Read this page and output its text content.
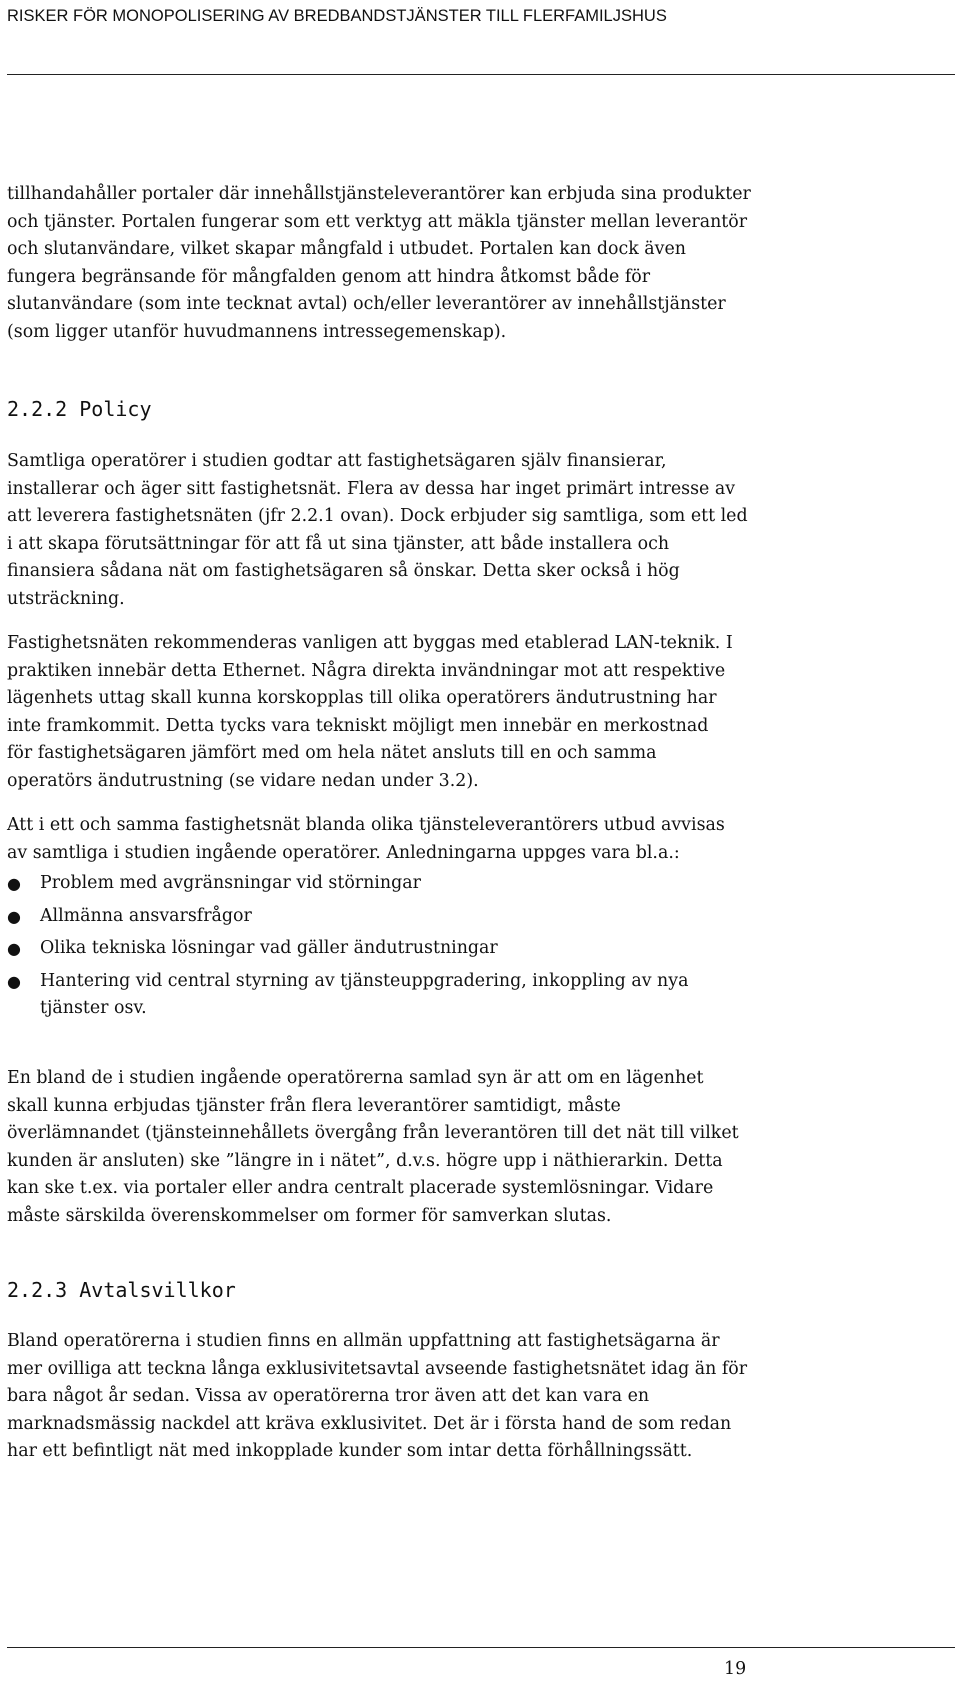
RISKER FÖR MONOPOLISERING AV BREDBANDSTJÄNSTER TILL FLERFAMILJSHUS
tillhandahåller portaler där innehållstjänsteleverantörer kan erbjuda sina produkter
och tjänster. Portalen fungerar som ett verktyg att mäkla tjänster mellan leverantör
och slutanvändare, vilket skapar mångfald i utbudet. Portalen kan dock även
fungera begränsande för mångfalden genom att hindra åtkomst både för
slutanvändare (som inte tecknat avtal) och/eller leverantörer av innehållstjänster
(som ligger utanför huvudmannens intressegemenskap).
2.2.2 Policy
Samtliga operatörer i studien godtar att fastighetsägaren själv finansierar,
installerar och äger sitt fastighetsnät. Flera av dessa har inget primärt intresse av
att leverera fastighetsnäten (jfr 2.2.1 ovan). Dock erbjuder sig samtliga, som ett led
i att skapa förutsättningar för att få ut sina tjänster, att både installera och
finansiera sådana nät om fastighetsägaren så önskar. Detta sker också i hög
utsträckning.
Fastighetsnäten rekommenderas vanligen att byggas med etablerad LAN-teknik. I
praktiken innebär detta Ethernet. Några direkta invändningar mot att respektive
lägenhets uttag skall kunna korskopplas till olika operatörers ändutrustning har
inte framkommit. Detta tycks vara tekniskt möjligt men innebär en merkostnad
för fastighetsägaren jämfört med om hela nätet ansluts till en och samma
operatörs ändutrustning (se vidare nedan under 3.2).
Att i ett och samma fastighetsnät blanda olika tjänsteleverantörers utbud avvisas
av samtliga i studien ingående operatörer. Anledningarna uppges vara bl.a.:
● Problem med avgränsningar vid störningar
● Allmänna ansvarsfrågor
● Olika tekniska lösningar vad gäller ändutrustningar
● Hantering vid central styrning av tjänsteuppgradering, inkoppling av nya
tjänster osv.
En bland de i studien ingående operatörerna samlad syn är att om en lägenhet
skall kunna erbjudas tjänster från flera leverantörer samtidigt, måste
överlämnandet (tjänsteinnehållets övergång från leverantören till det nät till vilket
kunden är ansluten) ske ”längre in i nätet”, d.v.s. högre upp i näthierarkin. Detta
kan ske t.ex. via portaler eller andra centralt placerade systemlösningar. Vidare
måste särskilda överenskommelser om former för samverkan slutas.
2.2.3 Avtalsvillkor
Bland operatörerna i studien finns en allmän uppfattning att fastighetsägarna är
mer ovilliga att teckna långa exklusivitetsavtal avseende fastighetsnätet idag än för
bara något år sedan. Vissa av operatörerna tror även att det kan vara en
marknadsmässig nackdel att kräva exklusivitet. Det är i första hand de som redan
har ett befintligt nät med inkopplade kunder som intar detta förhållningssätt.
19
